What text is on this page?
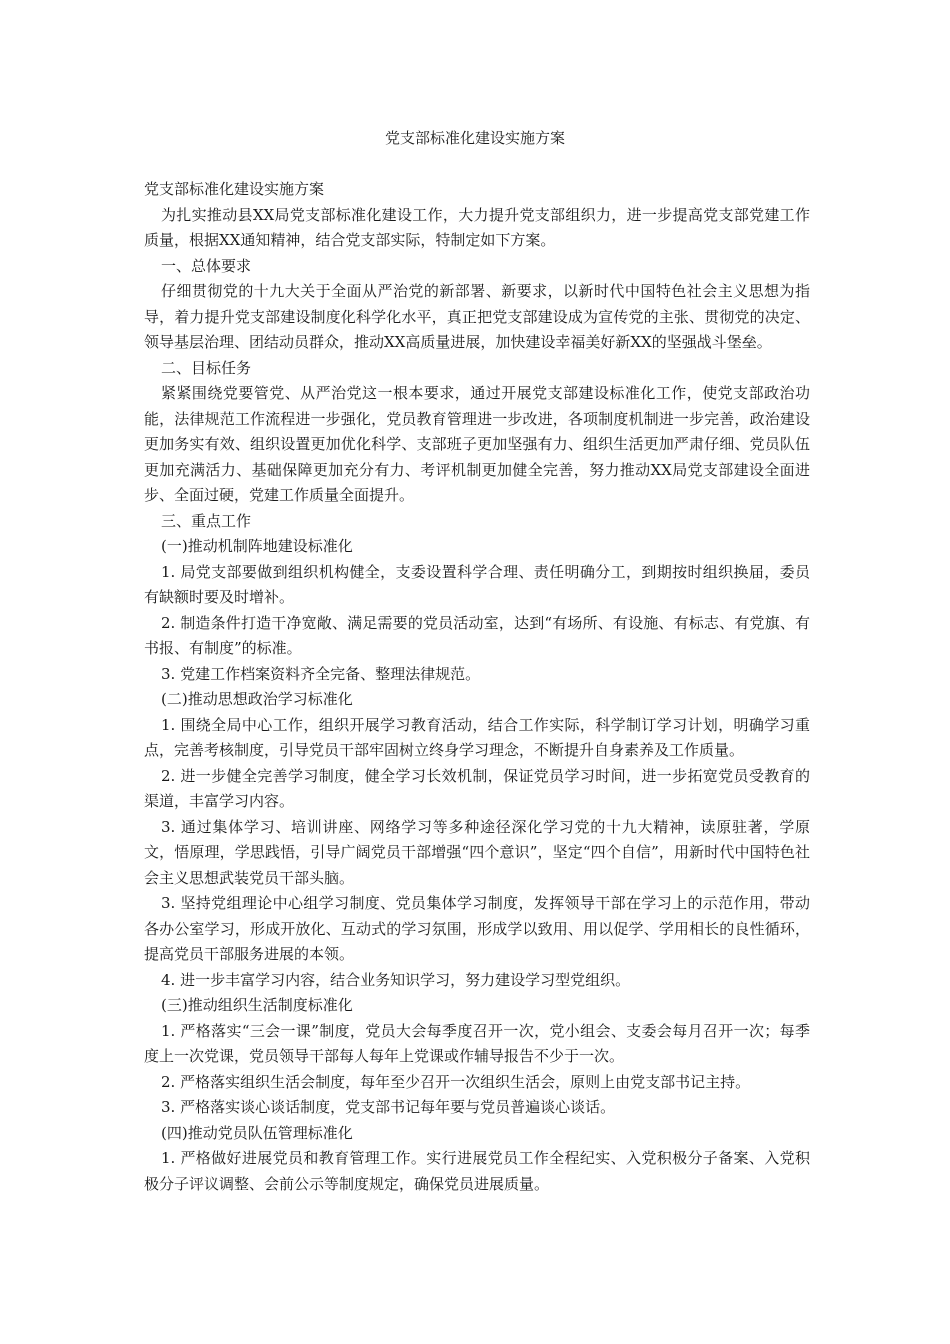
党支部标准化建设实施方案

党支部标准化建设实施方案

为扎实推动县XX局党支部标准化建设工作，大力提升党支部组织力，进一步提高党支部党建工作质量，根据XX通知精神，结合党支部实际，特制定如下方案。

一、总体要求

仔细贯彻党的十九大关于全面从严治党的新部署、新要求，以新时代中国特色社会主义思想为指导，着力提升党支部建设制度化科学化水平，真正把党支部建设成为宣传党的主张、贯彻党的决定、领导基层治理、团结动员群众，推动XX高质量进展，加快建设幸福美好新XX的坚强战斗堡垒。

二、目标任务

紧紧围绕党要管党、从严治党这一根本要求，通过开展党支部建设标准化工作，使党支部政治功能，法律规范工作流程进一步强化，党员教育管理进一步改进，各项制度机制进一步完善，政治建设更加务实有效、组织设置更加优化科学、支部班子更加坚强有力、组织生活更加严肃仔细、党员队伍更加充满活力、基础保障更加充分有力、考评机制更加健全完善，努力推动XX局党支部建设全面进步、全面过硬，党建工作质量全面提升。

三、重点工作

(一)推动机制阵地建设标准化

1. 局党支部要做到组织机构健全，支委设置科学合理、责任明确分工，到期按时组织换届，委员有缺额时要及时增补。

2. 制造条件打造干净宽敞、满足需要的党员活动室，达到“有场所、有设施、有标志、有党旗、有书报、有制度”的标准。

3. 党建工作档案资料齐全完备、整理法律规范。

(二)推动思想政治学习标准化

1. 围绕全局中心工作，组织开展学习教育活动，结合工作实际，科学制订学习计划，明确学习重点，完善考核制度，引导党员干部牢固树立终身学习理念，不断提升自身素养及工作质量。

2. 进一步健全完善学习制度，健全学习长效机制，保证党员学习时间，进一步拓宽党员受教育的渠道，丰富学习内容。

3. 通过集体学习、培训讲座、网络学习等多种途径深化学习党的十九大精神，读原驻著，学原文，悟原理，学思践悟，引导广阔党员干部增强“四个意识”，坚定“四个自信”，用新时代中国特色社会主义思想武装党员干部头脑。

3. 坚持党组理论中心组学习制度、党员集体学习制度，发挥领导干部在学习上的示范作用，带动各办公室学习，形成开放化、互动式的学习氛围，形成学以致用、用以促学、学用相长的良性循环，提高党员干部服务进展的本领。

4. 进一步丰富学习内容，结合业务知识学习，努力建设学习型党组织。

(三)推动组织生活制度标准化

1. 严格落实“三会一课”制度，党员大会每季度召开一次，党小组会、支委会每月召开一次；每季度上一次党课，党员领导干部每人每年上党课或作辅导报告不少于一次。

2. 严格落实组织生活会制度，每年至少召开一次组织生活会，原则上由党支部书记主持。

3. 严格落实谈心谈话制度，党支部书记每年要与党员普遍谈心谈话。

(四)推动党员队伍管理标准化

1. 严格做好进展党员和教育管理工作。实行进展党员工作全程纪实、入党积极分子备案、入党积极分子评议调整、会前公示等制度规定，确保党员进展质量。
